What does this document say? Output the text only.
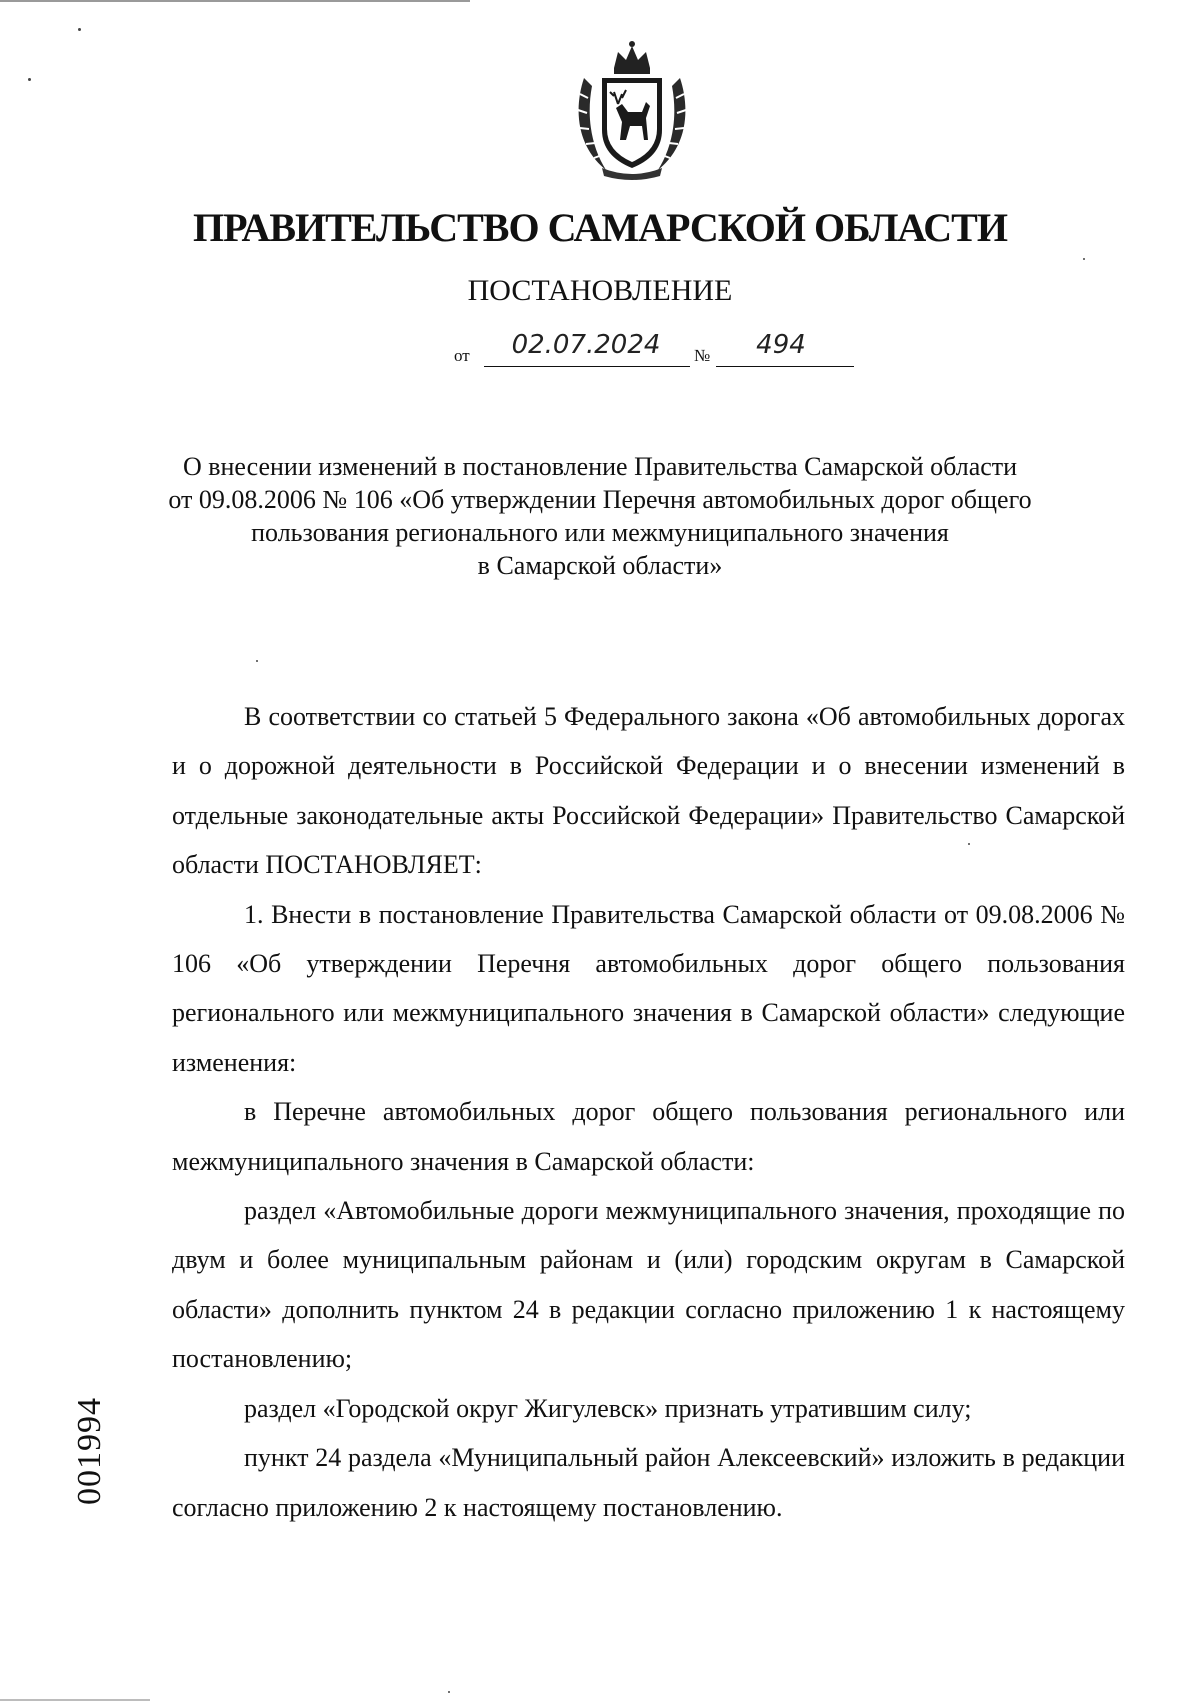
ПРАВИТЕЛЬСТВО САМАРСКОЙ ОБЛАСТИ
ПОСТАНОВЛЕНИЕ
от	02.07.2024	№	494
О внесении изменений в постановление Правительства Самарской области
от 09.08.2006 № 106 «Об утверждении Перечня автомобильных дорог общего
пользования регионального или межмуниципального значения
в Самарской области»

В соответствии со статьей 5 Федерального закона «Об автомобильных дорогах и о дорожной деятельности в Российской Федерации и о внесении изменений в отдельные законодательные акты Российской Федерации» Правительство Самарской области ПОСТАНОВЛЯЕТ:

1. Внести в постановление Правительства Самарской области от 09.08.2006 № 106 «Об утверждении Перечня автомобильных дорог общего пользования регионального или межмуниципального значения в Самарской области» следующие изменения:

в Перечне автомобильных дорог общего пользования регионального или межмуниципального значения в Самарской области:

раздел «Автомобильные дороги межмуниципального значения, проходящие по двум и более муниципальным районам и (или) городским округам в Самарской области» дополнить пунктом 24 в редакции согласно приложению 1 к настоящему постановлению;

раздел «Городской округ Жигулевск» признать утратившим силу;

пункт 24 раздела «Муниципальный район Алексеевский» изложить в редакции согласно приложению 2 к настоящему постановлению.

001994
